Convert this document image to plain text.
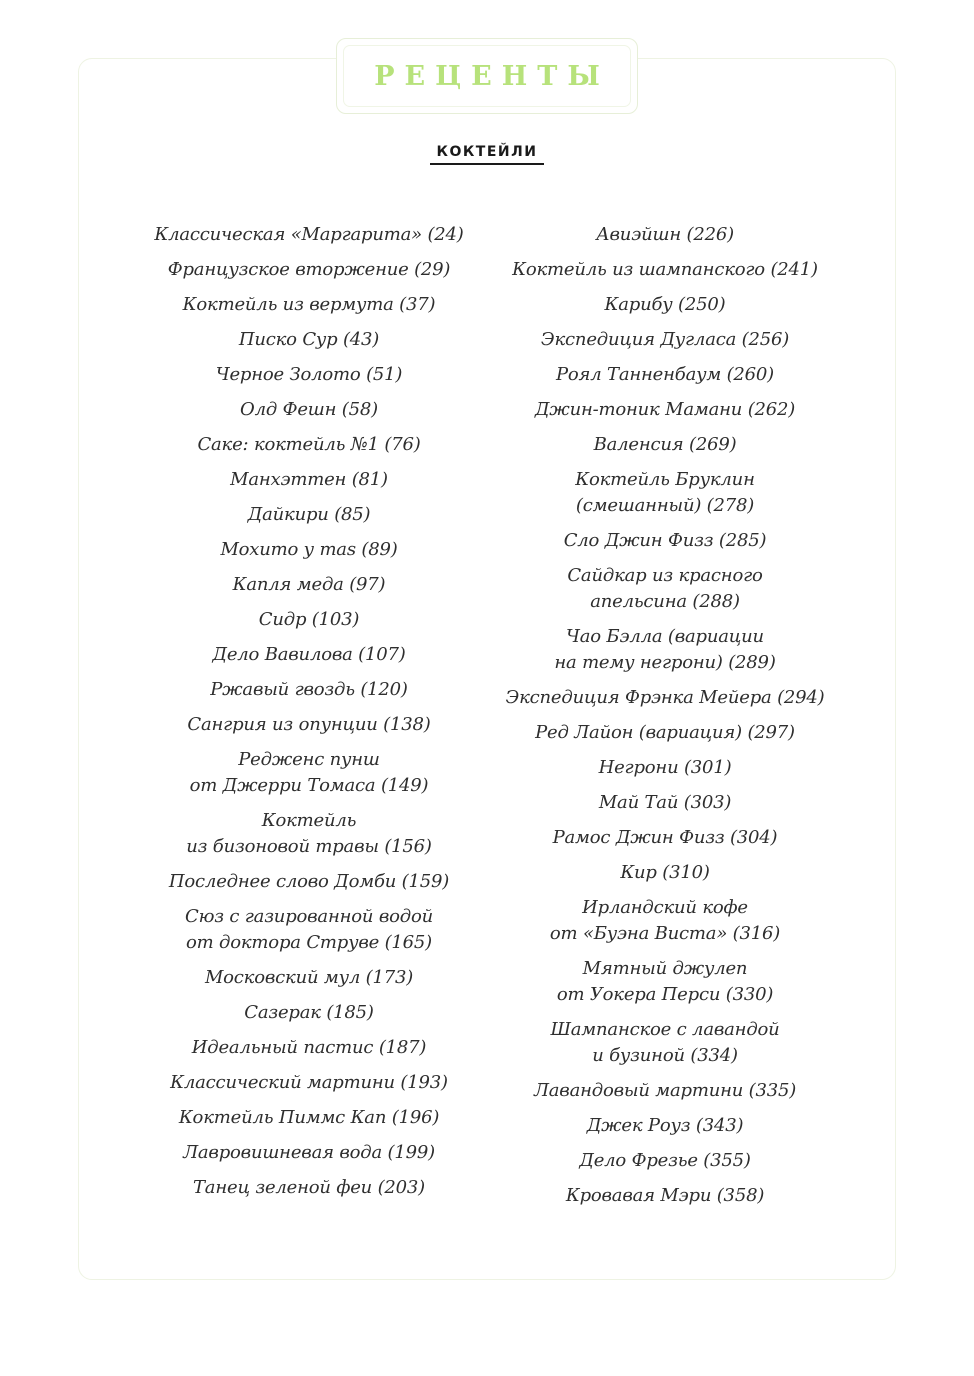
РЕЦЕНТЫ
КОКТЕЙЛИ
Классическая «Маргарита» (24)
Французское вторжение (29)
Коктейль из вермута (37)
Писко Сур (43)
Черное Золото (51)
Олд Фешн (58)
Саке: коктейль №1 (76)
Манхэттен (81)
Дайкири (85)
Мохито у mas (89)
Капля меда (97)
Сидр (103)
Дело Вавилова (107)
Ржавый гвоздь (120)
Сангрия из опунции (138)
Редженс пунш
от Джерри Томаса (149)
Коктейль
из бизоновой травы (156)
Последнее слово Домби (159)
Сюз с газированной водой
от доктора Струве (165)
Московский мул (173)
Сазерак (185)
Идеальный пастис (187)
Классический мартини (193)
Коктейль Пиммс Кап (196)
Лавровишневая вода (199)
Танец зеленой феи (203)
Авиэйшн (226)
Коктейль из шампанского (241)
Карибу (250)
Экспедиция Дугласа (256)
Роял Танненбаум (260)
Джин-тоник Мамани (262)
Валенсия (269)
Коктейль Бруклин
(смешанный) (278)
Сло Джин Физз (285)
Сайдкар из красного
апельсина (288)
Чао Бэлла (вариации
на тему негрони) (289)
Экспедиция Фрэнка Мейера (294)
Ред Лайон (вариация) (297)
Негрони (301)
Май Тай (303)
Рамос Джин Физз (304)
Кир (310)
Ирландский кофе
от «Буэна Виста» (316)
Мятный джулеп
от Уокера Перси (330)
Шампанское с лавандой
и бузиной (334)
Лавандовый мартини (335)
Джек Роуз (343)
Дело Фрезье (355)
Кровавая Мэри (358)
